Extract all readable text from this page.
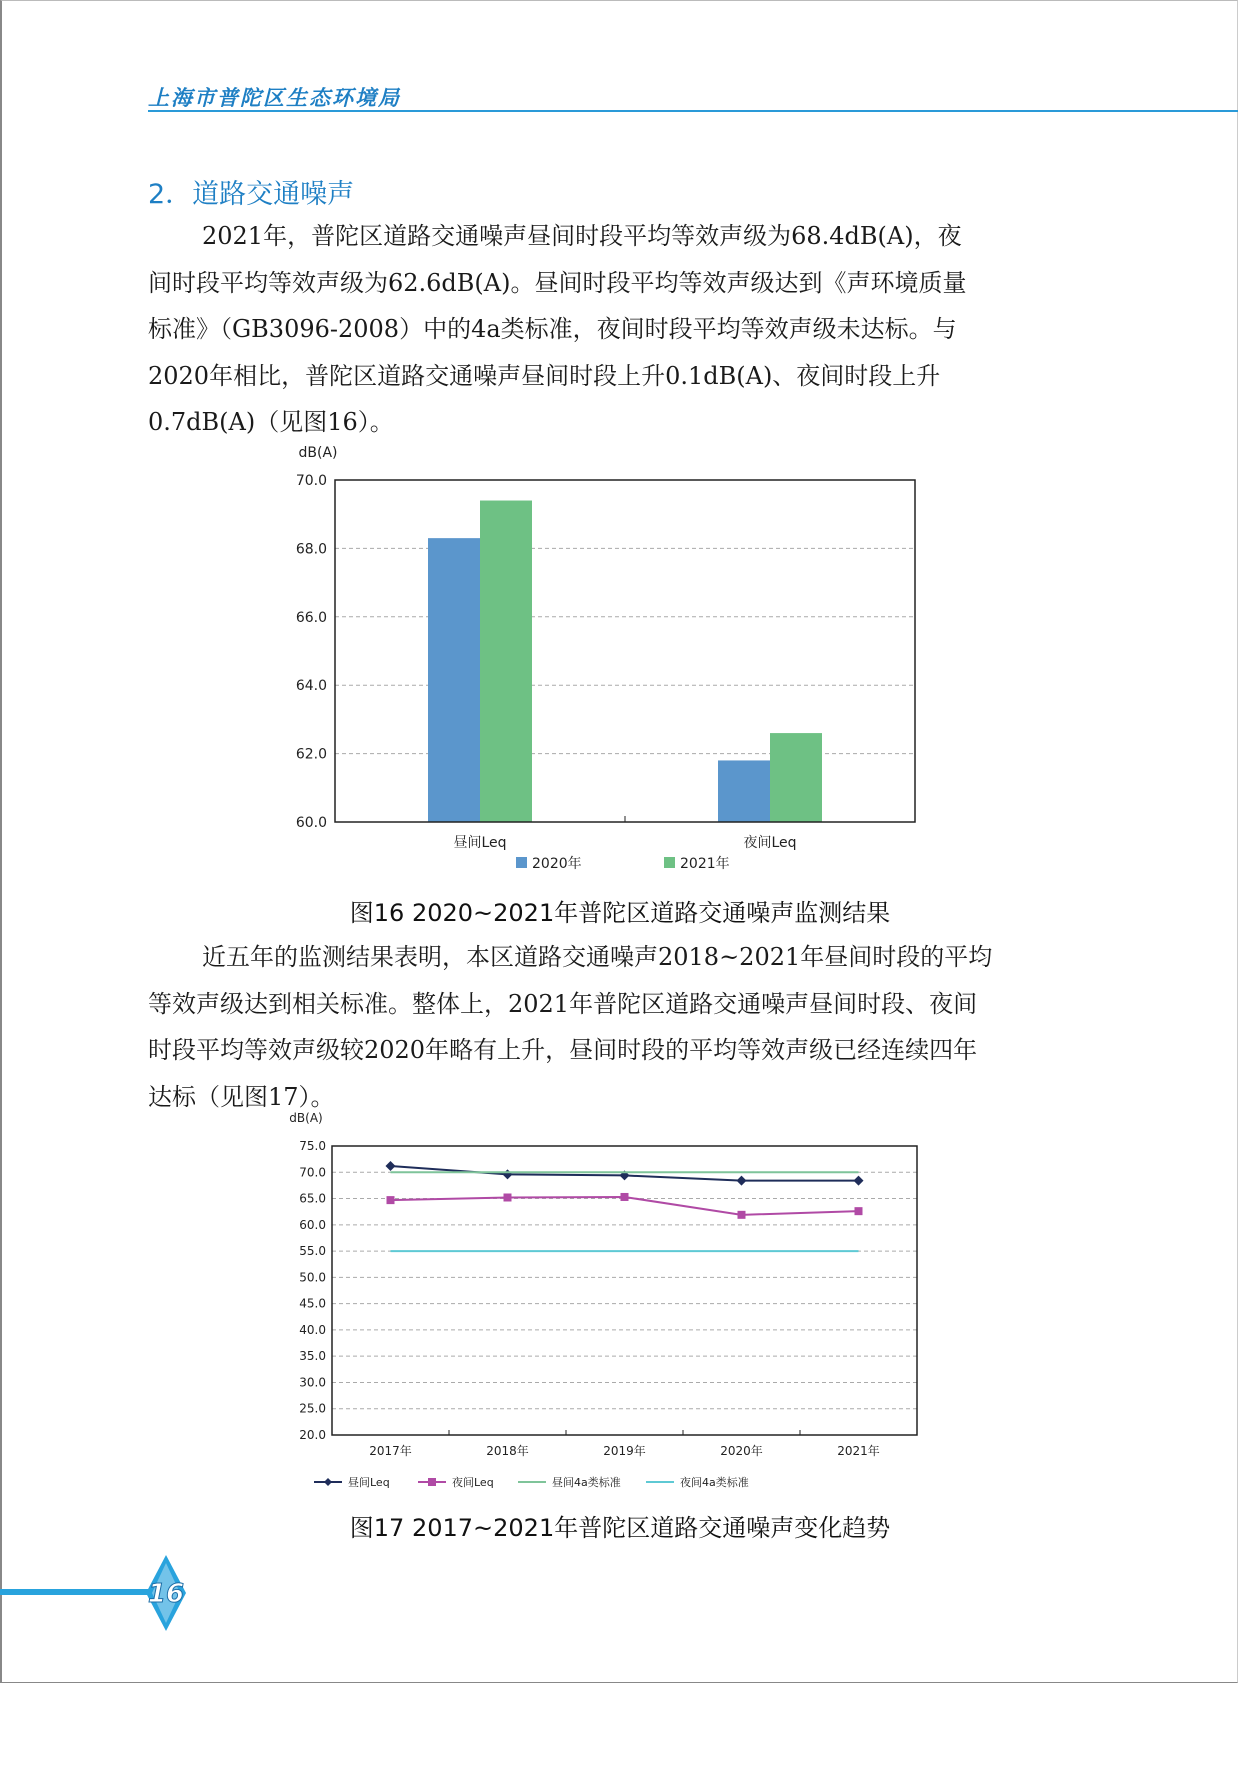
上海市普陀区生态环境局
2．道路交通噪声
2021年，普陀区道路交通噪声昼间时段平均等效声级为68.4dB(A)，夜
间时段平均等效声级为62.6dB(A)。昼间时段平均等效声级达到《声环境质量
标准》（GB3096-2008）中的4a类标准，夜间时段平均等效声级未达标。与
2020年相比，普陀区道路交通噪声昼间时段上升0.1dB(A)、夜间时段上升
0.7dB(A)（见图16）。
dB(A)
60.0
62.0
64.0
66.0
68.0
70.0
昼间Leq	夜间Leq
2020年	2021年
图16 2020~2021年普陀区道路交通噪声监测结果
近五年的监测结果表明，本区道路交通噪声2018~2021年昼间时段的平均
等效声级达到相关标准。整体上，2021年普陀区道路交通噪声昼间时段、夜间
时段平均等效声级较2020年略有上升，昼间时段的平均等效声级已经连续四年
达标（见图17）。
dB(A)
20.0
25.0
30.0
35.0
40.0
45.0
50.0
55.0
60.0
65.0
70.0
75.0
2017年	2018年	2019年	2020年	2021年
昼间Leq	夜间Leq	昼间4a类标准	夜间4a类标准
图17 2017~2021年普陀区道路交通噪声变化趋势
16
